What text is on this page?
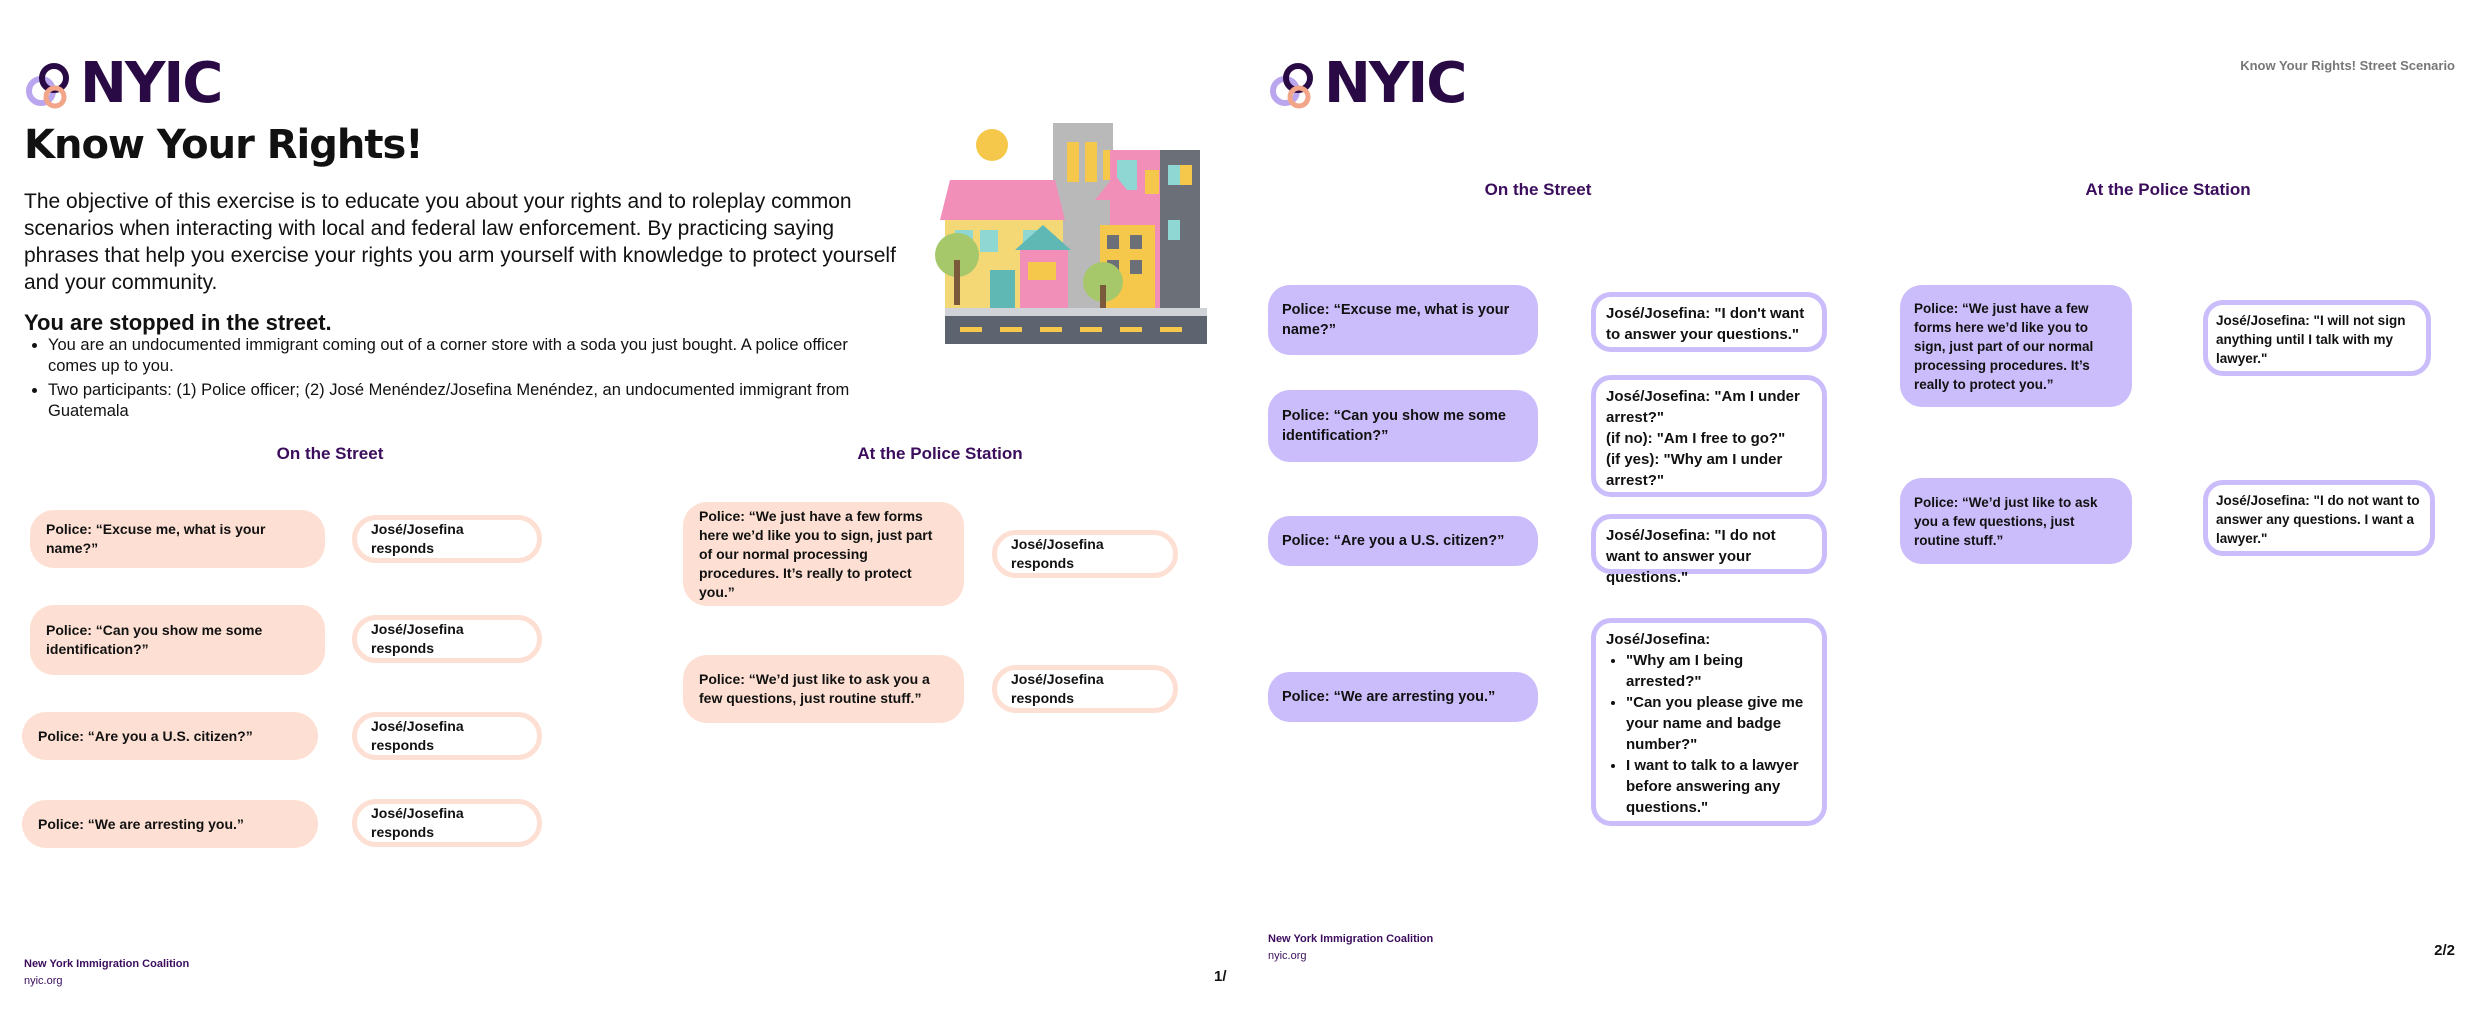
NYIC
Know Your Rights!
The objective of this exercise is to educate you about your rights and to roleplay common scenarios when interacting with local and federal law enforcement. By practicing saying phrases that help you exercise your rights you arm yourself with knowledge to protect yourself and your community.
You are stopped in the street.
• You are an undocumented immigrant coming out of a corner store with a soda you just bought. A police officer comes up to you.
• Two participants: (1) Police officer; (2) José Menéndez/Josefina Menéndez, an undocumented immigrant from Guatemala
On the Street	At the Police Station
Police: “Excuse me, what is your name?”
José/Josefina responds
Police: “Can you show me some identification?”
José/Josefina responds
Police: “Are you a U.S. citizen?”
José/Josefina responds
Police: “We are arresting you.”
José/Josefina responds
Police: “We just have a few forms here we’d like you to sign, just part of our normal processing procedures. It’s really to protect you.”
José/Josefina responds
Police: “We’d just like to ask you a few questions, just routine stuff.”
José/Josefina responds
New York Immigration Coalition
nyic.org	1/
NYIC	Know Your Rights! Street Scenario
On the Street	At the Police Station
Police: “Excuse me, what is your name?”
Police: “Can you show me some identification?”
Police: “Are you a U.S. citizen?”
Police: “We are arresting you.”
José/Josefina: "I don't want to answer your questions."
José/Josefina: "Am I under arrest?"
(if no): "Am I free to go?"
(if yes): "Why am I under arrest?"
José/Josefina: "I do not want to answer your questions."
José/Josefina:
• "Why am I being arrested?"
• "Can you please give me your name and badge number?"
• I want to talk to a lawyer before answering any questions."
Police: “We just have a few forms here we’d like you to sign, just part of our normal processing procedures. It’s really to protect you.”
Police: “We’d just like to ask you a few questions, just routine stuff.”
José/Josefina: "I will not sign anything until I talk with my lawyer."
José/Josefina: "I do not want to answer any questions. I want a lawyer."
New York Immigration Coalition
nyic.org	2/2
